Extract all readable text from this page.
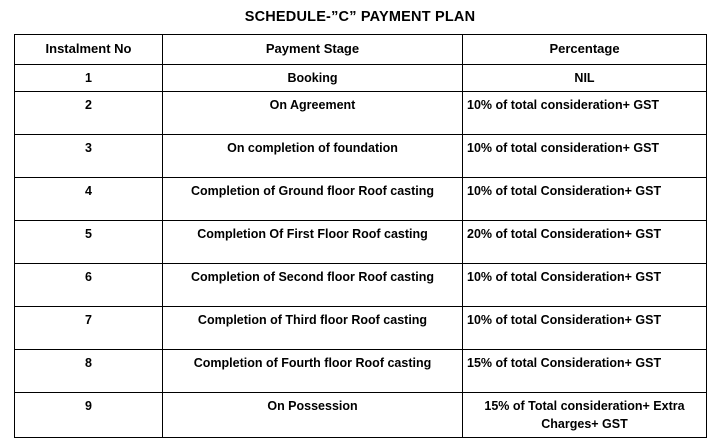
SCHEDULE-”C” PAYMENT PLAN
Instalment No	Payment Stage	Percentage
1	Booking	NIL
2	On Agreement	10% of total consideration+ GST
3	On completion of foundation	10% of total consideration+ GST
4	Completion of Ground floor Roof casting	10% of total Consideration+ GST
5	Completion Of First Floor Roof casting	20% of total Consideration+ GST
6	Completion of Second floor Roof casting	10% of total Consideration+ GST
7	Completion of Third floor Roof casting	10% of total Consideration+ GST
8	Completion of Fourth floor Roof casting	15% of total Consideration+ GST
9	On Possession	15% of Total consideration+ Extra Charges+ GST
